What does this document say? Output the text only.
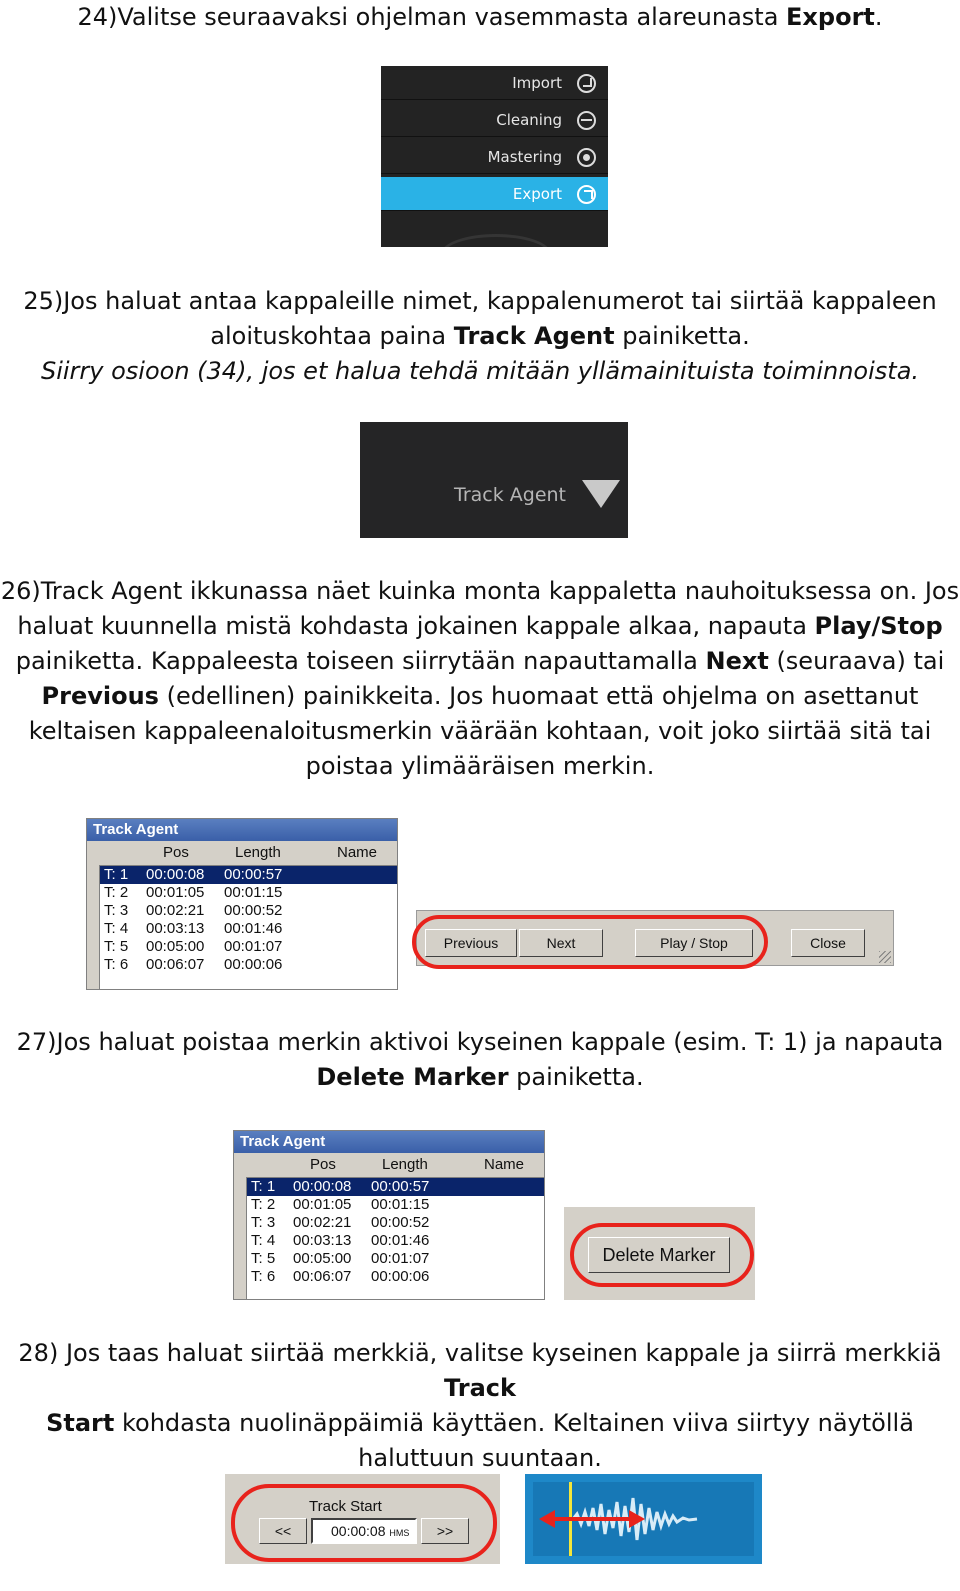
24)Valitse seuraavaksi ohjelman vasemmasta alareunasta Export.

Import
Cleaning
Mastering
Export

25)Jos haluat antaa kappaleille nimet, kappalenumerot tai siirtää kappaleen
aloituskohtaa paina Track Agent painiketta.
Siirry osioon (34), jos et halua tehdä mitään yllämainituista toiminnoista.

Track Agent

26)Track Agent ikkunassa näet kuinka monta kappaletta nauhoituksessa on. Jos
haluat kuunnella mistä kohdasta jokainen kappale alkaa, napauta Play/Stop
painiketta. Kappaleesta toiseen siirrytään napauttamalla Next (seuraava) tai
Previous (edellinen) painikkeita. Jos huomaat että ohjelma on asettanut
keltaisen kappaleenaloitusmerkin väärään kohtaan, voit joko siirtää sitä tai
poistaa ylimääräisen merkin.

Track Agent
Pos	Length	Name
T: 1 00:00:08 00:00:57
T: 2 00:01:05 00:01:15
T: 3 00:02:21 00:00:52
T: 4 00:03:13 00:01:46
T: 5 00:05:00 00:01:07
T: 6 00:06:07 00:00:06
Previous	Next	Play / Stop	Close

27)Jos haluat poistaa merkin aktivoi kyseinen kappale (esim. T: 1) ja napauta
Delete Marker painiketta.

Track Agent
Pos	Length	Name
T: 1 00:00:08 00:00:57
T: 2 00:01:05 00:01:15
T: 3 00:02:21 00:00:52
T: 4 00:03:13 00:01:46
T: 5 00:05:00 00:01:07
T: 6 00:06:07 00:00:06
Delete Marker

28) Jos taas haluat siirtää merkkiä, valitse kyseinen kappale ja siirrä merkkiä Track
Start kohdasta nuolinäppäimiä käyttäen. Keltainen viiva siirtyy näytöllä
haluttuun suuntaan.

Track Start
<<	00:00:08 HMS	>>
